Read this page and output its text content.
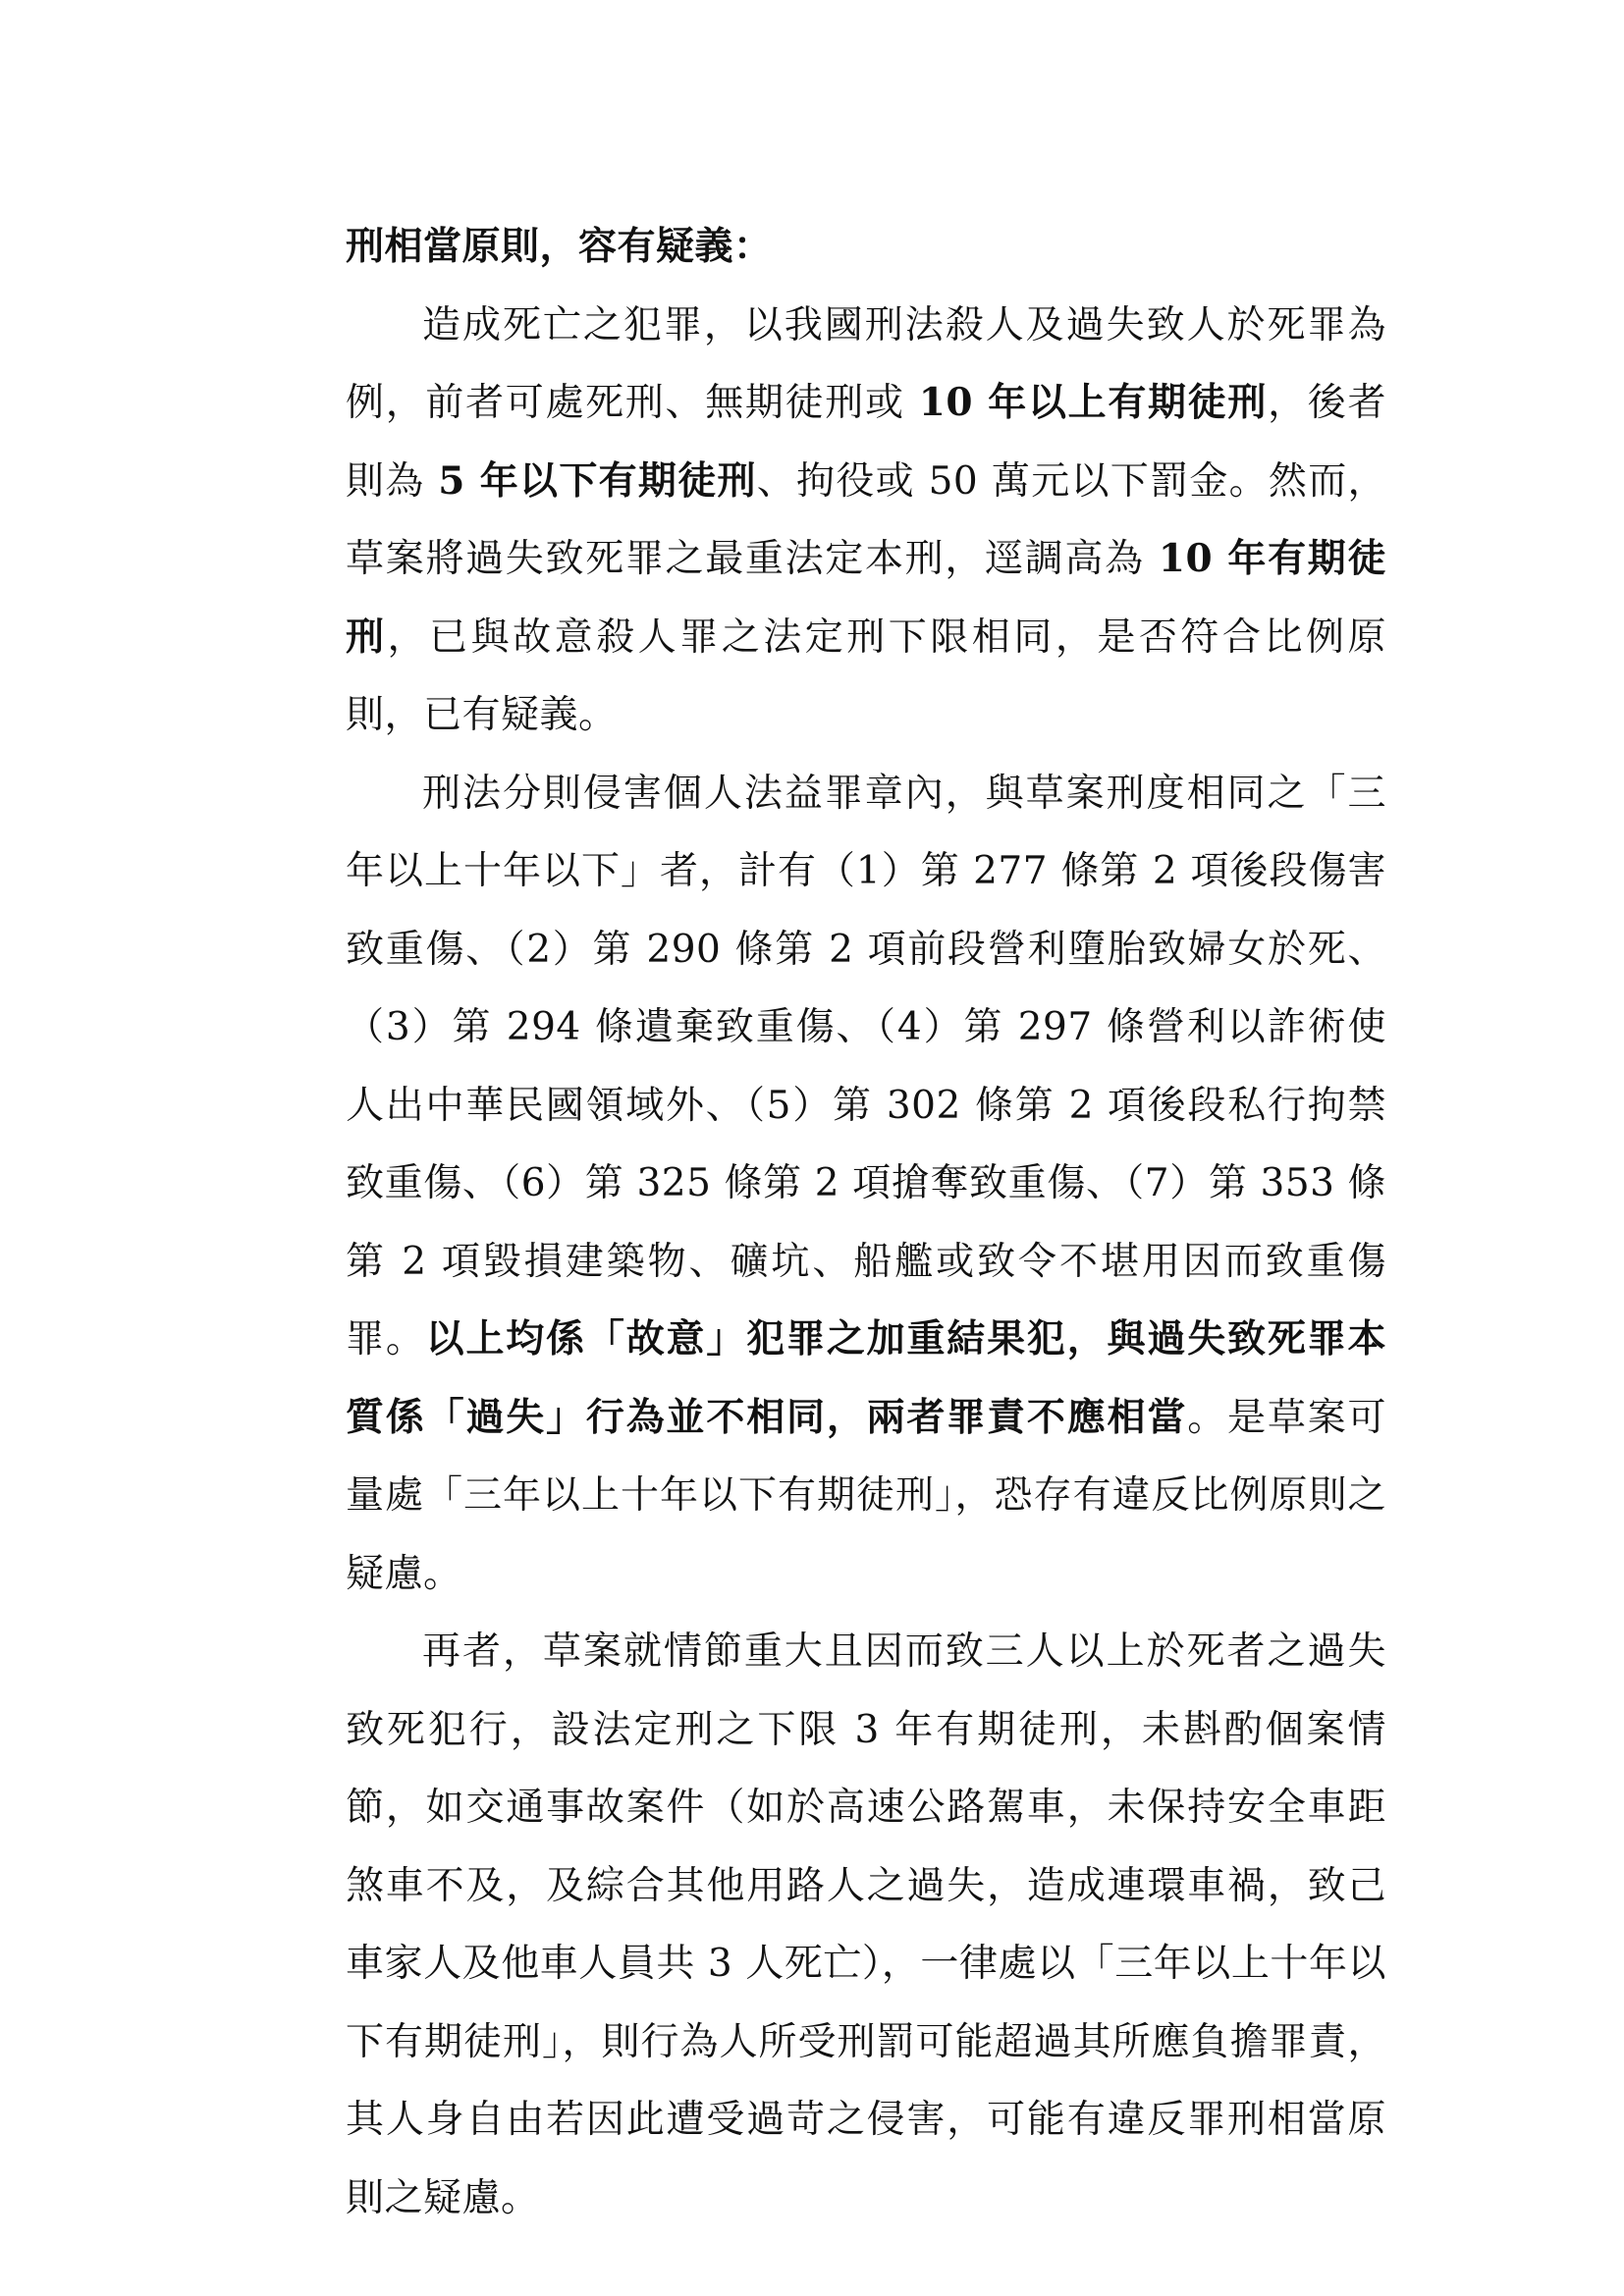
刑相當原則，容有疑義：

造成死亡之犯罪，以我國刑法殺人及過失致人於死罪為例，前者可處死刑、無期徒刑或 10 年以上有期徒刑，後者則為 5 年以下有期徒刑、拘役或 50 萬元以下罰金。然而，草案將過失致死罪之最重法定本刑，逕調高為 10 年有期徒刑，已與故意殺人罪之法定刑下限相同，是否符合比例原則，已有疑義。

刑法分則侵害個人法益罪章內，與草案刑度相同之「三年以上十年以下」者，計有（1）第 277 條第 2 項後段傷害致重傷、（2）第 290 條第 2 項前段營利墮胎致婦女於死、（3）第 294 條遺棄致重傷、（4）第 297 條營利以詐術使人出中華民國領域外、（5）第 302 條第 2 項後段私行拘禁致重傷、（6）第 325 條第 2 項搶奪致重傷、（7）第 353 條第 2 項毀損建築物、礦坑、船艦或致令不堪用因而致重傷罪。以上均係「故意」犯罪之加重結果犯，與過失致死罪本質係「過失」行為並不相同，兩者罪責不應相當。是草案可量處「三年以上十年以下有期徒刑」，恐存有違反比例原則之疑慮。

再者，草案就情節重大且因而致三人以上於死者之過失致死犯行，設法定刑之下限 3 年有期徒刑，未斟酌個案情節，如交通事故案件（如於高速公路駕車，未保持安全車距煞車不及，及綜合其他用路人之過失，造成連環車禍，致己車家人及他車人員共 3 人死亡），一律處以「三年以上十年以下有期徒刑」，則行為人所受刑罰可能超過其所應負擔罪責，其人身自由若因此遭受過苛之侵害，可能有違反罪刑相當原則之疑慮。
